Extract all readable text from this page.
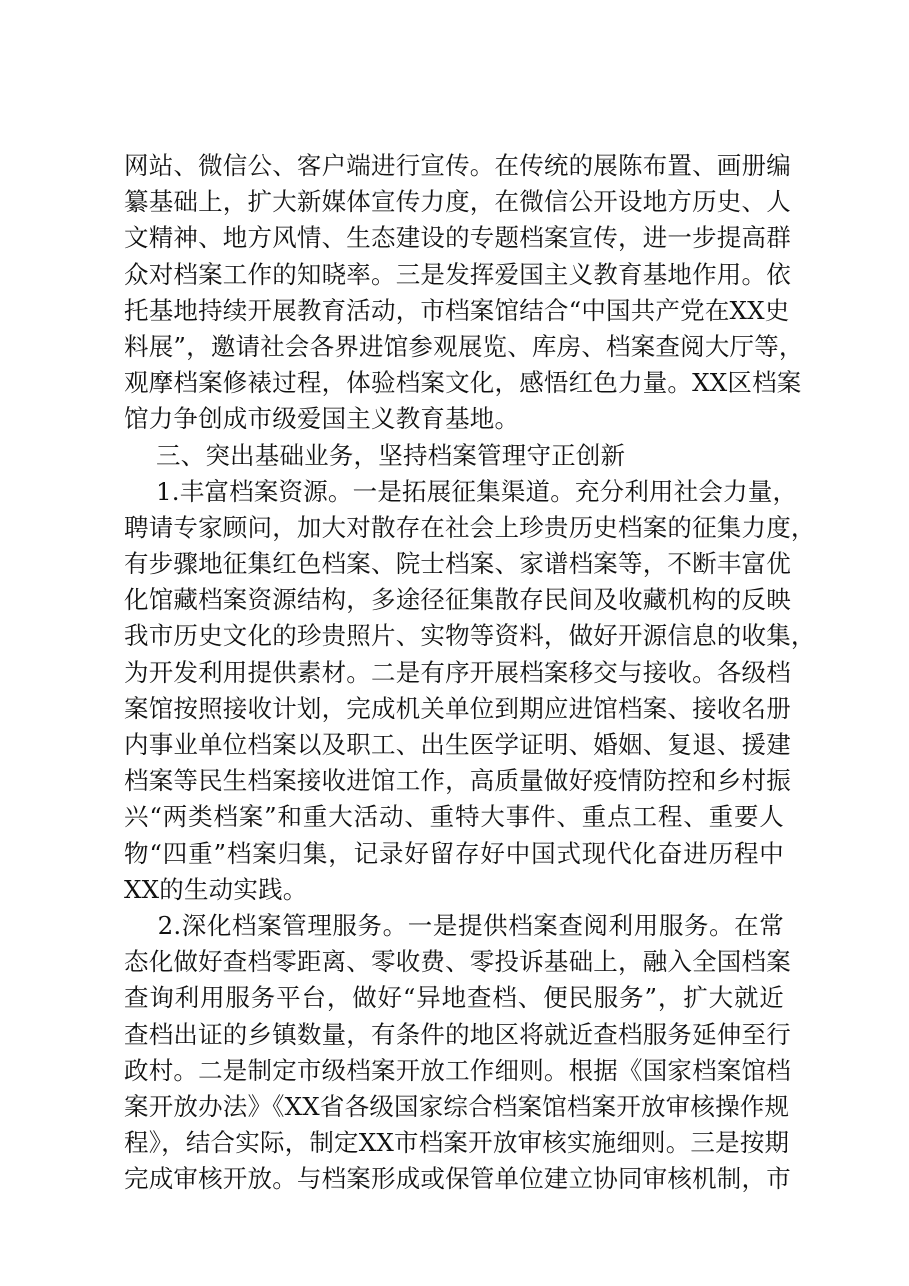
网站、微信公、客户端进行宣传。在传统的展陈布置、画册编
纂基础上，扩大新媒体宣传力度，在微信公开设地方历史、人
文精神、地方风情、生态建设的专题档案宣传，进一步提高群
众对档案工作的知晓率。三是发挥爱国主义教育基地作用。依
托基地持续开展教育活动，市档案馆结合“中国共产党在XX史
料展”，邀请社会各界进馆参观展览、库房、档案查阅大厅等，
观摩档案修裱过程，体验档案文化，感悟红色力量。XX区档案
馆力争创成市级爱国主义教育基地。
三、突出基础业务，坚持档案管理守正创新
1.丰富档案资源。一是拓展征集渠道。充分利用社会力量，
聘请专家顾问，加大对散存在社会上珍贵历史档案的征集力度，
有步骤地征集红色档案、院士档案、家谱档案等，不断丰富优
化馆藏档案资源结构，多途径征集散存民间及收藏机构的反映
我市历史文化的珍贵照片、实物等资料，做好开源信息的收集，
为开发利用提供素材。二是有序开展档案移交与接收。各级档
案馆按照接收计划，完成机关单位到期应进馆档案、接收名册
内事业单位档案以及职工、出生医学证明、婚姻、复退、援建
档案等民生档案接收进馆工作，高质量做好疫情防控和乡村振
兴“两类档案”和重大活动、重特大事件、重点工程、重要人
物“四重”档案归集，记录好留存好中国式现代化奋进历程中
XX的生动实践。
2.深化档案管理服务。一是提供档案查阅利用服务。在常
态化做好查档零距离、零收费、零投诉基础上，融入全国档案
查询利用服务平台，做好“异地查档、便民服务”，扩大就近
查档出证的乡镇数量，有条件的地区将就近查档服务延伸至行
政村。二是制定市级档案开放工作细则。根据《国家档案馆档
案开放办法》《XX省各级国家综合档案馆档案开放审核操作规
程》，结合实际，制定XX市档案开放审核实施细则。三是按期
完成审核开放。与档案形成或保管单位建立协同审核机制，市
